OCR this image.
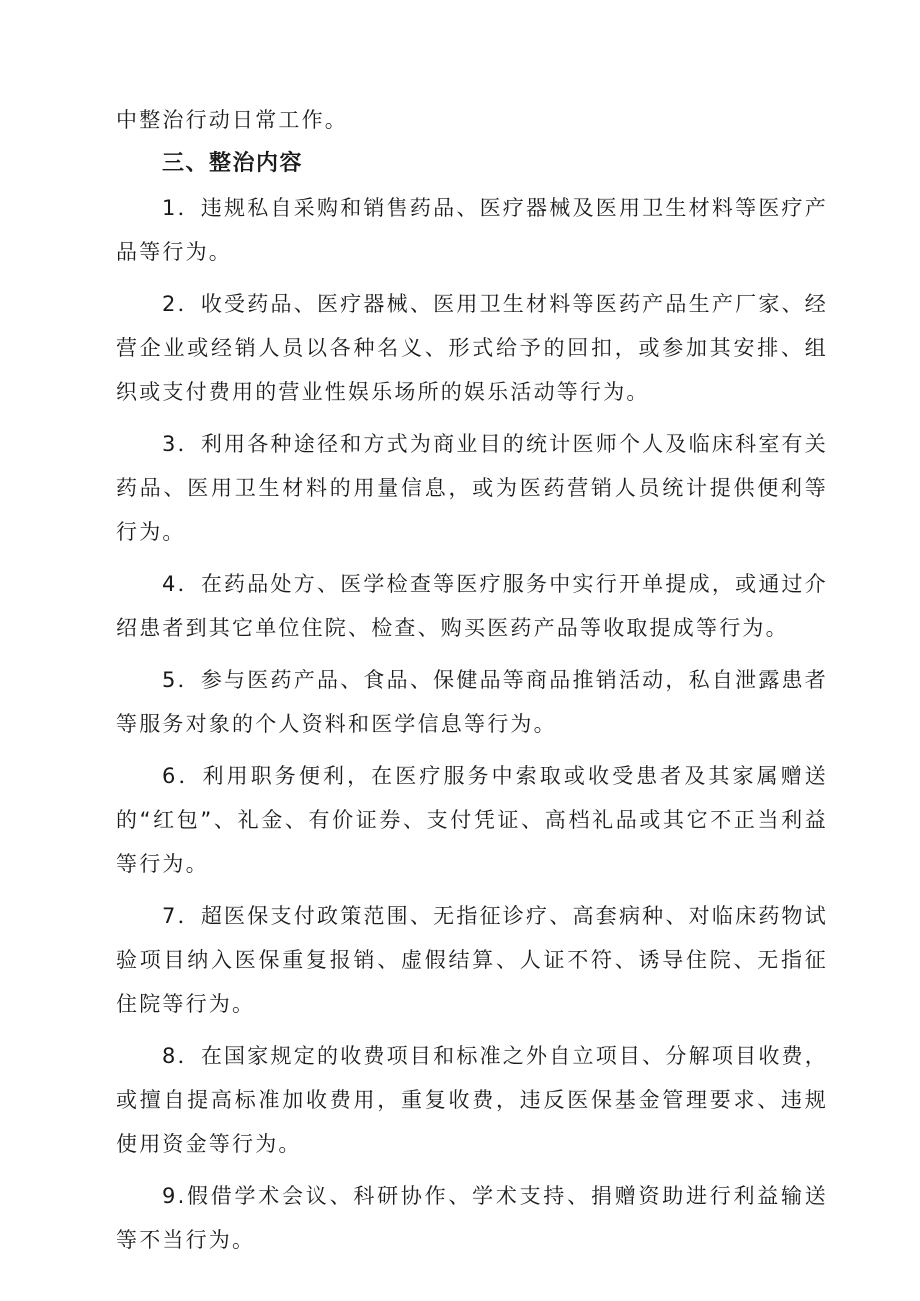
中整治行动日常工作。

三、整治内容

1．违规私自采购和销售药品、医疗器械及医用卫生材料等医疗产品等行为。

2．收受药品、医疗器械、医用卫生材料等医药产品生产厂家、经营企业或经销人员以各种名义、形式给予的回扣，或参加其安排、组织或支付费用的营业性娱乐场所的娱乐活动等行为。

3．利用各种途径和方式为商业目的统计医师个人及临床科室有关药品、医用卫生材料的用量信息，或为医药营销人员统计提供便利等行为。

4．在药品处方、医学检查等医疗服务中实行开单提成，或通过介绍患者到其它单位住院、检查、购买医药产品等收取提成等行为。

5．参与医药产品、食品、保健品等商品推销活动，私自泄露患者等服务对象的个人资料和医学信息等行为。

6．利用职务便利，在医疗服务中索取或收受患者及其家属赠送的“红包”、礼金、有价证券、支付凭证、高档礼品或其它不正当利益等行为。

7．超医保支付政策范围、无指征诊疗、高套病种、对临床药物试验项目纳入医保重复报销、虚假结算、人证不符、诱导住院、无指征住院等行为。

8．在国家规定的收费项目和标准之外自立项目、分解项目收费，或擅自提高标准加收费用，重复收费，违反医保基金管理要求、违规使用资金等行为。

9.假借学术会议、科研协作、学术支持、捐赠资助进行利益输送等不当行为。
